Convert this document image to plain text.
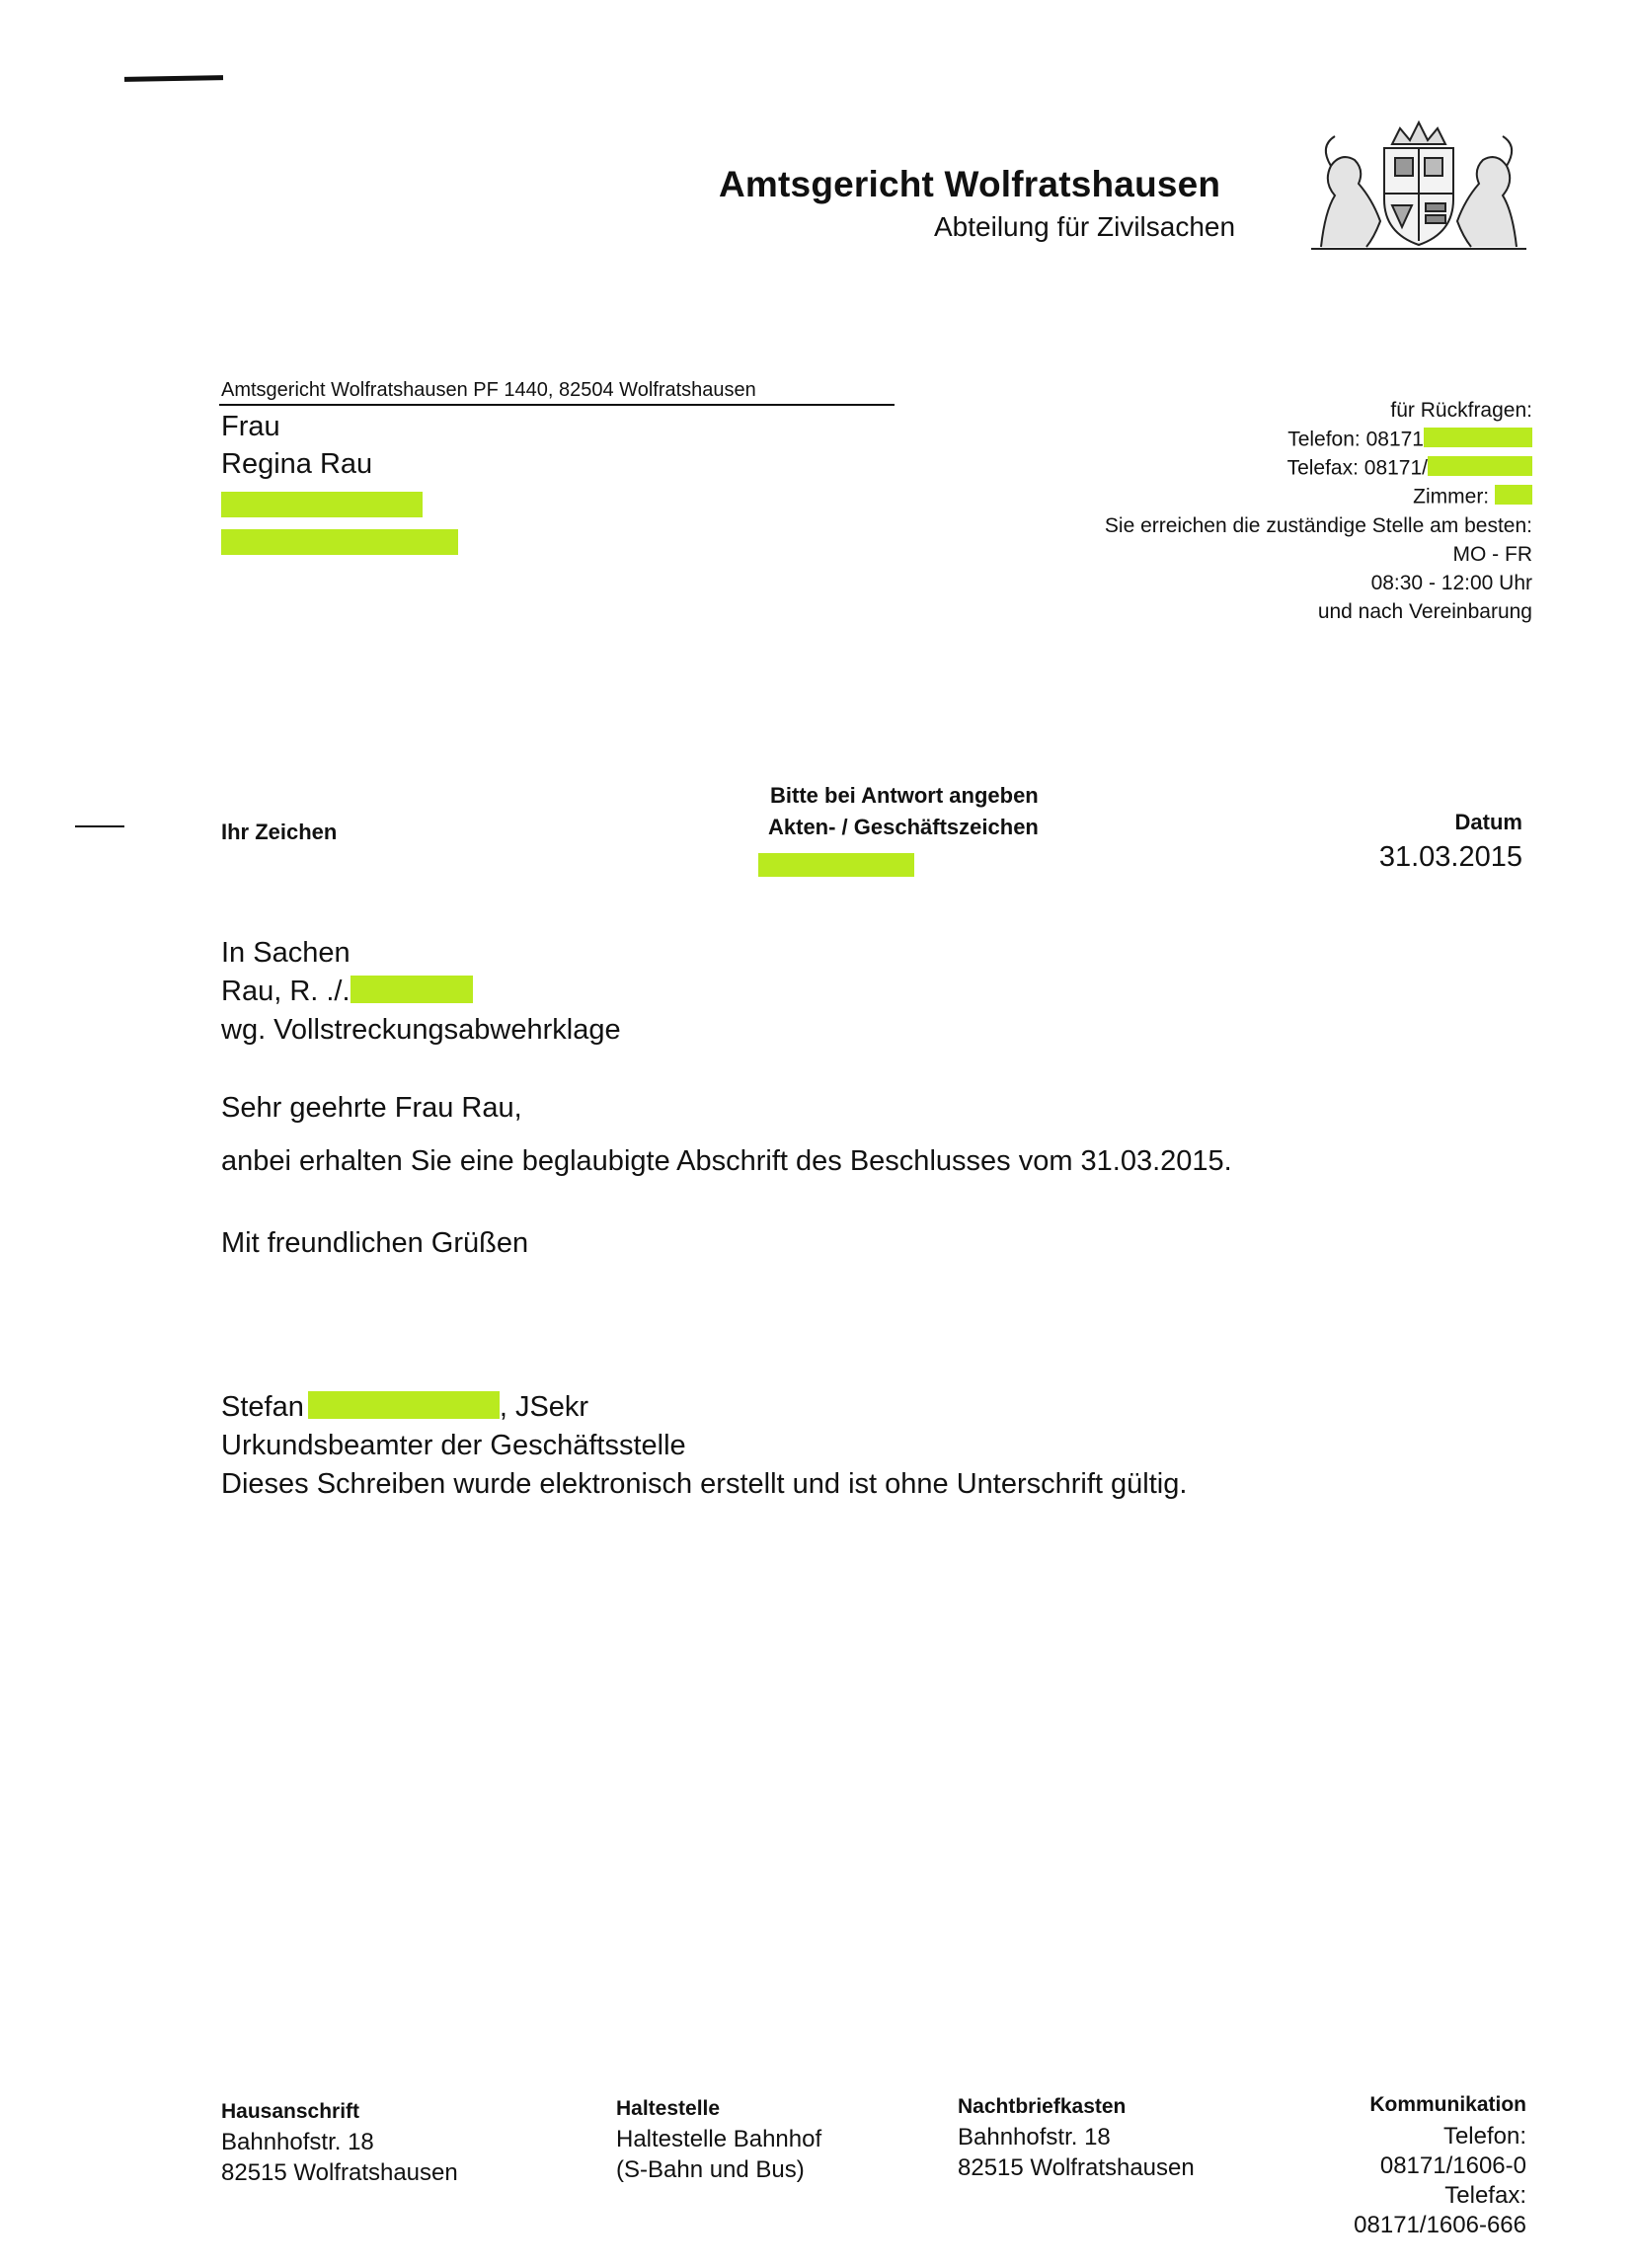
Amtsgericht Wolfratshausen
Abteilung für Zivilsachen
Amtsgericht Wolfratshausen PF 1440, 82504 Wolfratshausen
Frau
Regina Rau
für Rückfragen:
Telefon: 08171
Telefax: 08171/
Zimmer:
Sie erreichen die zuständige Stelle am besten:
MO - FR
08:30 - 12:00 Uhr
und nach Vereinbarung
Ihr Zeichen
Bitte bei Antwort angeben
Akten- / Geschäftszeichen	Datum
31.03.2015
In Sachen
Rau, R. ./.
wg. Vollstreckungsabwehrklage
Sehr geehrte Frau Rau,
anbei erhalten Sie eine beglaubigte Abschrift des Beschlusses vom 31.03.2015.
Mit freundlichen Grüßen
Stefan	, JSekr
Urkundsbeamter der Geschäftsstelle
Dieses Schreiben wurde elektronisch erstellt und ist ohne Unterschrift gültig.
Hausanschrift
Bahnhofstr. 18
82515 Wolfratshausen
Haltestelle
Haltestelle Bahnhof
(S-Bahn und Bus)
Nachtbriefkasten
Bahnhofstr. 18
82515 Wolfratshausen
Kommunikation
Telefon:
08171/1606-0
Telefax:
08171/1606-666
